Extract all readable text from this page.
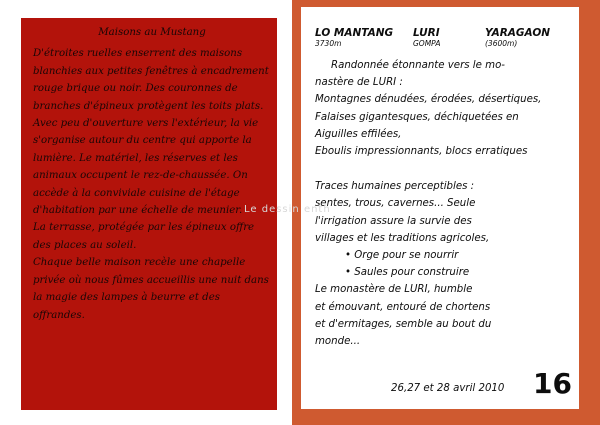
Maisons au Mustang

D'étroites ruelles enserrent des maisons blanchies aux petites fenêtres à encadrement rouge brique ou noir. Des couronnes de branches d'épineux protègent les toits plats.

Avec peu d'ouverture vers l'extérieur, la vie s'organise autour du centre qui apporte la lumière. Le matériel, les réserves et les animaux occupent le rez-de-chaussée. On accède à la conviviale cuisine de l'étage d'habitation par une échelle de meunier.

La terrasse, protégée par les épineux offre des places au soleil.

Chaque belle maison recèle une chapelle privée où nous fûmes accueillis une nuit dans la magie des lampes à beurre et des offrandes.

LO MANTANG
3730m
LURI
GOMPA
YARAGAON
(3600m)

Randonnée étonnante vers le mo-

nastère de LURI :

Montagnes dénudées, érodées, désertiques,

Falaises gigantesques, déchiquetées en

Aiguilles effilées,

Eboulis impressionnants, blocs erratiques

Traces humaines perceptibles :

sentes, trous, cavernes... Seule

l'irrigation assure la survie des

villages et les traditions agricoles,

• Orge pour se nourrir

• Saules pour construire

Le monastère de LURI, humble

et émouvant, entouré de chortens

et d'ermitages, semble au bout du

monde...

26,27 et 28 avril 2010 16
Le dessin enth
